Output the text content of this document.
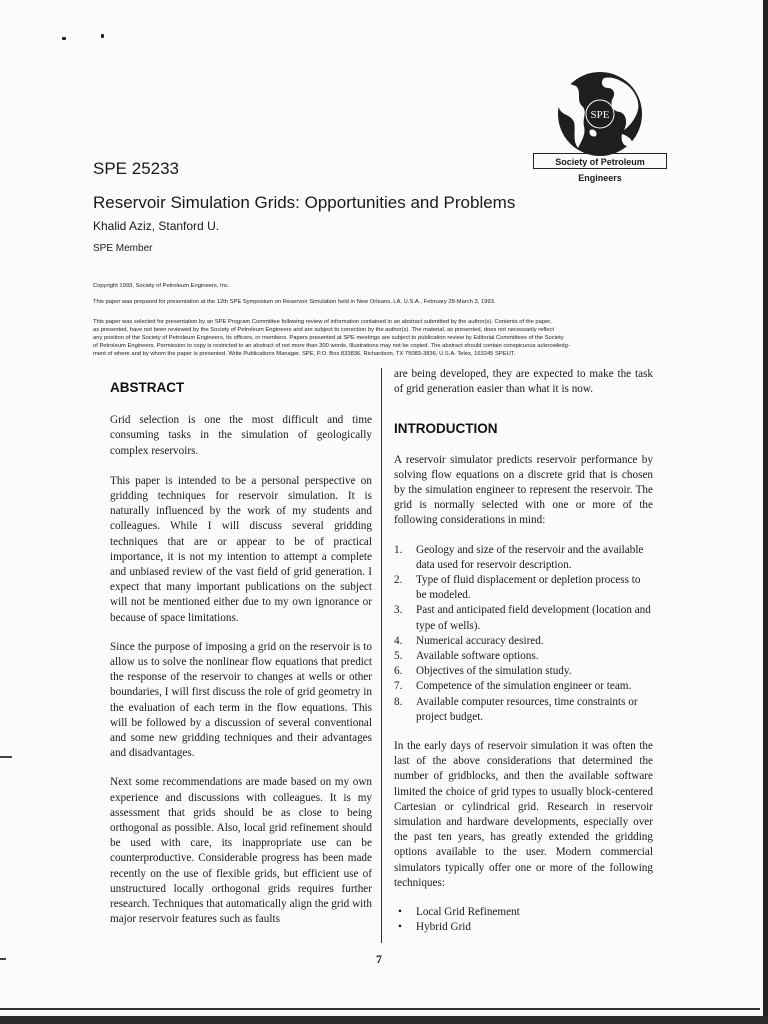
SPE
Society of Petroleum Engineers
SPE 25233
Reservoir Simulation Grids: Opportunities and Problems
Khalid Aziz, Stanford U.
SPE Member
Copyright 1993, Society of Petroleum Engineers, Inc.
This paper was prepared for presentation at the 12th SPE Symposium on Reservoir Simulation held in New Orleans, LA, U.S.A., February 28-March 3, 1993.
This paper was selected for presentation by an SPE Program Committee following review of information contained in an abstract submitted by the author(s). Contents of the paper,
as presented, have not been reviewed by the Society of Petroleum Engineers and are subject to correction by the author(s). The material, as presented, does not necessarily reflect
any position of the Society of Petroleum Engineers, its officers, or members. Papers presented at SPE meetings are subject to publication review by Editorial Committees of the Society
of Petroleum Engineers. Permission to copy is restricted to an abstract of not more than 300 words. Illustrations may not be copied. The abstract should contain conspicuous acknowledg-
ment of where and by whom the paper is presented. Write Publications Manager, SPE, P.O. Box 833836, Richardson, TX 75083-3836, U.S.A. Telex, 163245 SPEUT.
ABSTRACT

Grid selection is one the most difficult and time consuming tasks in the simulation of geologically complex reservoirs.

This paper is intended to be a personal perspective on gridding techniques for reservoir simulation. It is naturally influenced by the work of my students and colleagues. While I will discuss several gridding techniques that are or appear to be of practical importance, it is not my intention to attempt a complete and unbiased review of the vast field of grid generation. I expect that many important publications on the subject will not be mentioned either due to my own ignorance or because of space limitations.

Since the purpose of imposing a grid on the reservoir is to allow us to solve the nonlinear flow equations that predict the response of the reservoir to changes at wells or other boundaries, I will first discuss the role of grid geometry in the evaluation of each term in the flow equations. This will be followed by a discussion of several conventional and some new gridding techniques and their advantages and disadvantages.

Next some recommendations are made based on my own experience and discussions with colleagues. It is my assessment that grids should be as close to being orthogonal as possible. Also, local grid refinement should be used with care, its inappropriate use can be counterproductive. Considerable progress has been made recently on the use of flexible grids, but efficient use of unstructured locally orthogonal grids requires further research. Techniques that automatically align the grid with major reservoir features such as faults

are being developed, they are expected to make the task of grid generation easier than what it is now.

INTRODUCTION

A reservoir simulator predicts reservoir performance by solving flow equations on a discrete grid that is chosen by the simulation engineer to represent the reservoir. The grid is normally selected with one or more of the following considerations in mind:

1. Geology and size of the reservoir and the available data used for reservoir description.
2. Type of fluid displacement or depletion process to be modeled.
3. Past and anticipated field development (location and type of wells).
4. Numerical accuracy desired.
5. Available software options.
6. Objectives of the simulation study.
7. Competence of the simulation engineer or team.
8. Available computer resources, time constraints or project budget.

In the early days of reservoir simulation it was often the last of the above considerations that determined the number of gridblocks, and then the available software limited the choice of grid types to usually block-centered Cartesian or cylindrical grid. Research in reservoir simulation and hardware developments, especially over the past ten years, has greatly extended the gridding options available to the user. Modern commercial simulators typically offer one or more of the following techniques:

• Local Grid Refinement
• Hybrid Grid
7
